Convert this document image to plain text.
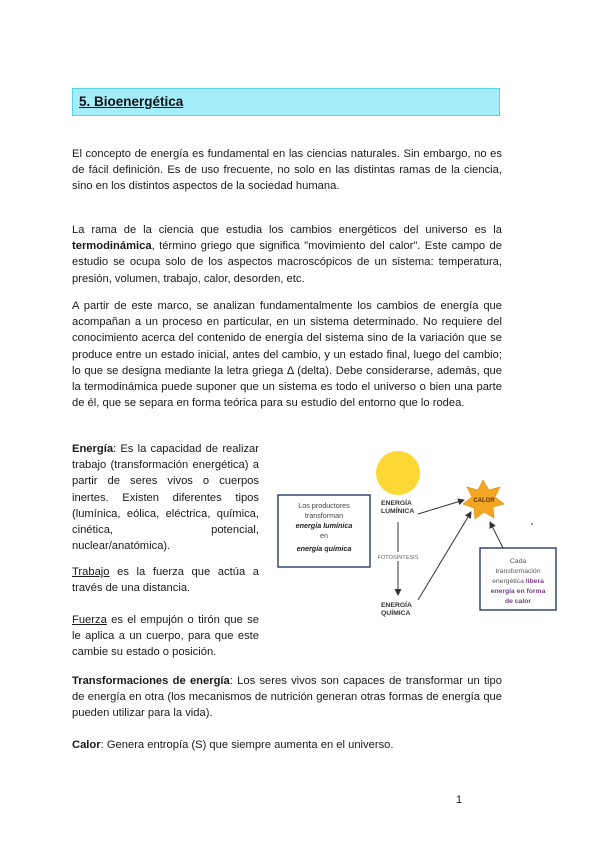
5. Bioenergética

El concepto de energía es fundamental en las ciencias naturales. Sin embargo, no es de fácil definición. Es de uso frecuente, no solo en las distintas ramas de la ciencia, sino en los distintos aspectos de la sociedad humana.

La rama de la ciencia que estudia los cambios energéticos del universo es la termodinámica, término griego que significa "movimiento del calor". Este campo de estudio se ocupa solo de los aspectos macroscópicos de un sistema: temperatura, presión, volumen, trabajo, calor, desorden, etc.

A partir de este marco, se analizan fundamentalmente los cambios de energía que acompañan a un proceso en particular, en un sistema determinado. No requiere del conocimiento acerca del contenido de energía del sistema sino de la variación que se produce entre un estado inicial, antes del cambio, y un estado final, luego del cambio; lo que se designa mediante la letra griega Δ (delta). Debe considerarse, además, que la termodinámica puede suponer que un sistema es todo el universo o bien una parte de él, que se separa en forma teórica para su estudio del entorno que lo rodea.

Energía: Es la capacidad de realizar trabajo (transformación energética) a partir de seres vivos o cuerpos inertes. Existen diferentes tipos (lumínica, eólica, eléctrica, química, cinética, potencial, nuclear/anatómica).

Trabajo es la fuerza que actúa a través de una distancia.

Fuerza es el empujón o tirón que se le aplica a un cuerpo, para que este cambie su estado o posición.

Transformaciones de energía: Los seres vivos son capaces de transformar un tipo de energía en otra (los mecanismos de nutrición generan otras formas de energía que pueden utilizar para la vida).

Calor: Genera entropía (S) que siempre aumenta en el universo.

Los productores
transforman
energía lumínica
en
energía química
ENERGÍA
LUMÍNICA
FOTOSÍNTESIS
ENERGÍA
QUÍMICA
CALOR
Cada
transformación
energética libera
energía en forma
de calor
1
